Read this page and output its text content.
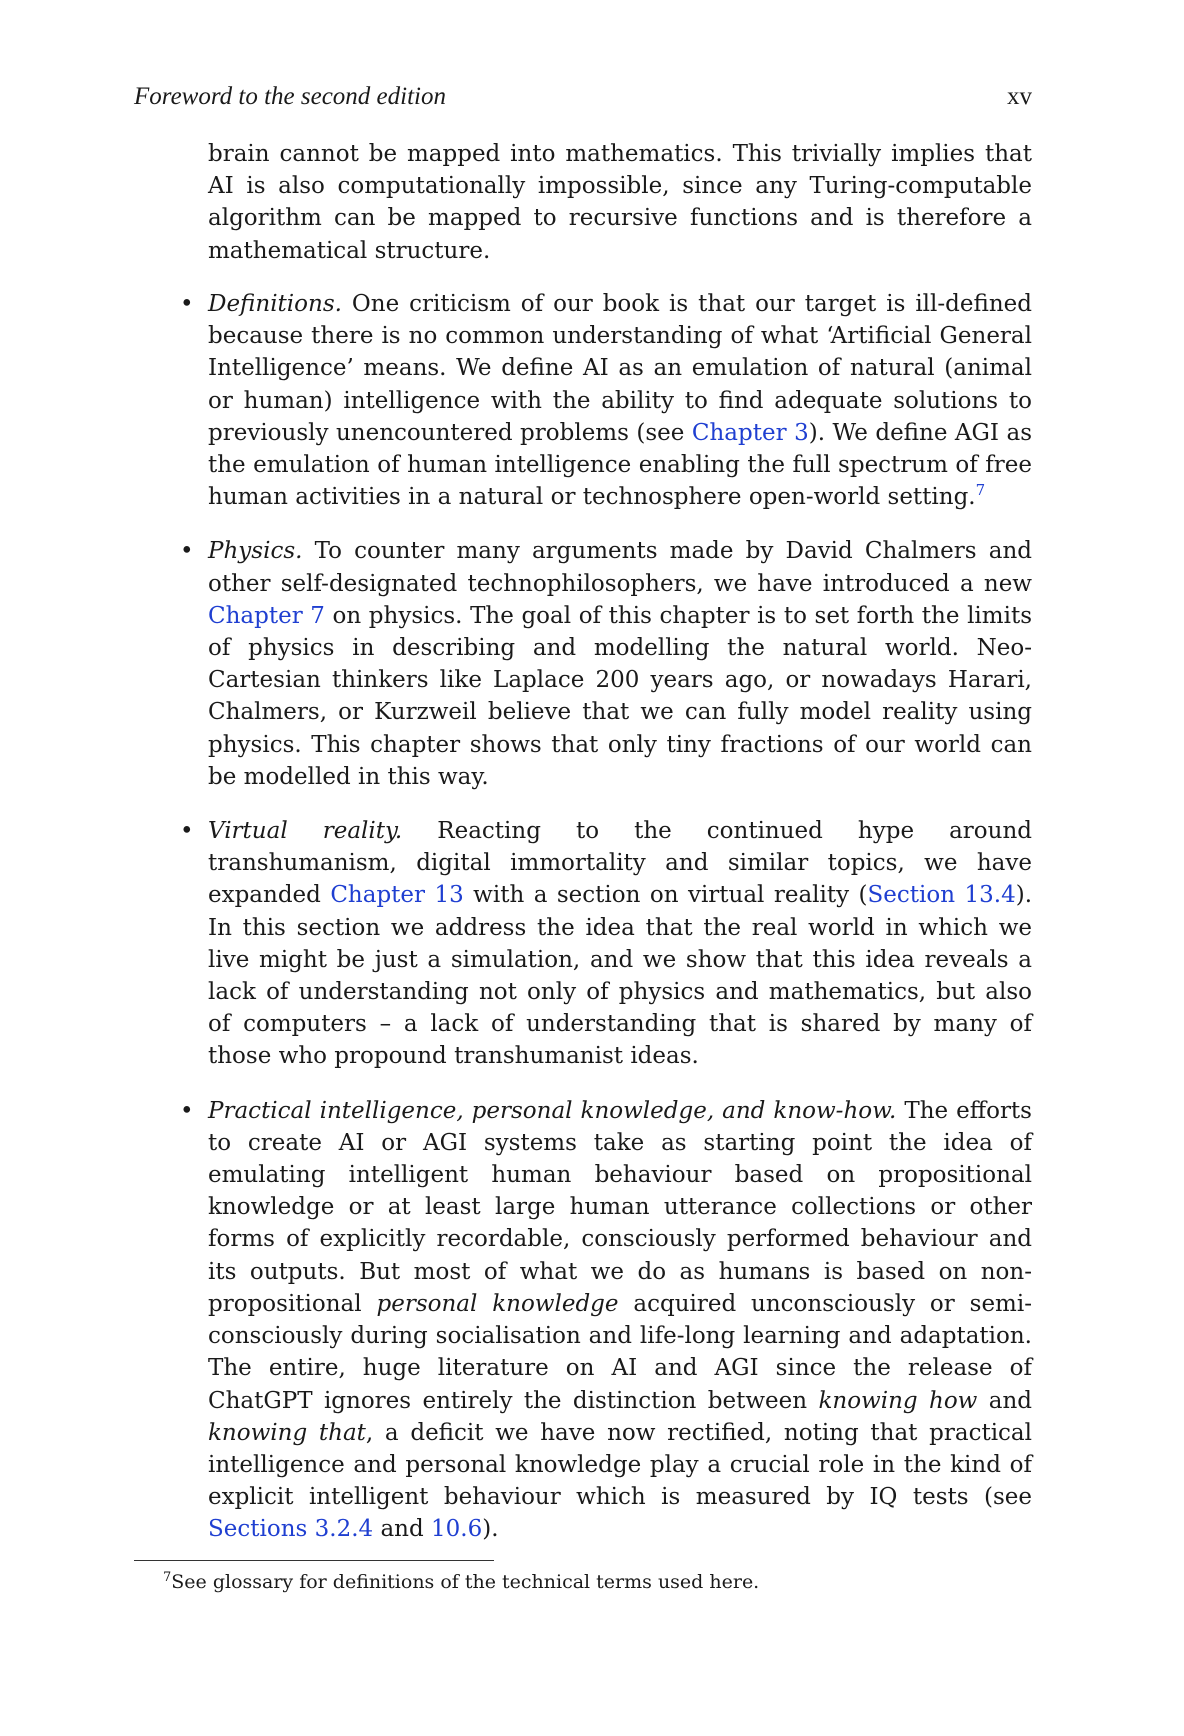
Foreword to the second edition	xv

brain cannot be mapped into mathematics. This trivially implies that AI is also computationally impossible, since any Turing-computable algorithm can be mapped to recursive functions and is therefore a mathematical structure.

• Definitions. One criticism of our book is that our target is ill-defined because there is no common understanding of what ‘Artificial General Intelligence’ means. We define AI as an emulation of natural (animal or human) intelligence with the ability to find adequate solutions to previously unencountered problems (see Chapter 3). We define AGI as the emulation of human intelligence enabling the full spectrum of free human activities in a natural or technosphere open-world setting.$^7$
• Physics. To counter many arguments made by David Chalmers and other self-designated technophilosophers, we have introduced a new Chapter 7 on physics. The goal of this chapter is to set forth the limits of physics in describing and modelling the natural world. Neo-Cartesian thinkers like Laplace 200 years ago, or nowadays Harari, Chalmers, or Kurzweil believe that we can fully model reality using physics. This chapter shows that only tiny fractions of our world can be modelled in this way.
• Virtual reality. Reacting to the continued hype around transhumanism, digital immortality and similar topics, we have expanded Chapter 13 with a section on virtual reality (Section 13.4). In this section we address the idea that the real world in which we live might be just a simulation, and we show that this idea reveals a lack of understanding not only of physics and mathematics, but also of computers – a lack of understanding that is shared by many of those who propound transhumanist ideas.
• Practical intelligence, personal knowledge, and know-how. The efforts to create AI or AGI systems take as starting point the idea of emulating intelligent human behaviour based on propositional knowledge or at least large human utterance collections or other forms of explicitly recordable, consciously performed behaviour and its outputs. But most of what we do as humans is based on non-propositional personal knowledge acquired unconsciously or semi-consciously during socialisation and life-long learning and adaptation. The entire, huge literature on AI and AGI since the release of ChatGPT ignores entirely the distinction between knowing how and knowing that, a deficit we have now rectified, noting that practical intelligence and personal knowledge play a crucial role in the kind of explicit intelligent behaviour which is measured by IQ tests (see Sections 3.2.4 and 10.6).
$^7$See glossary for definitions of the technical terms used here.
